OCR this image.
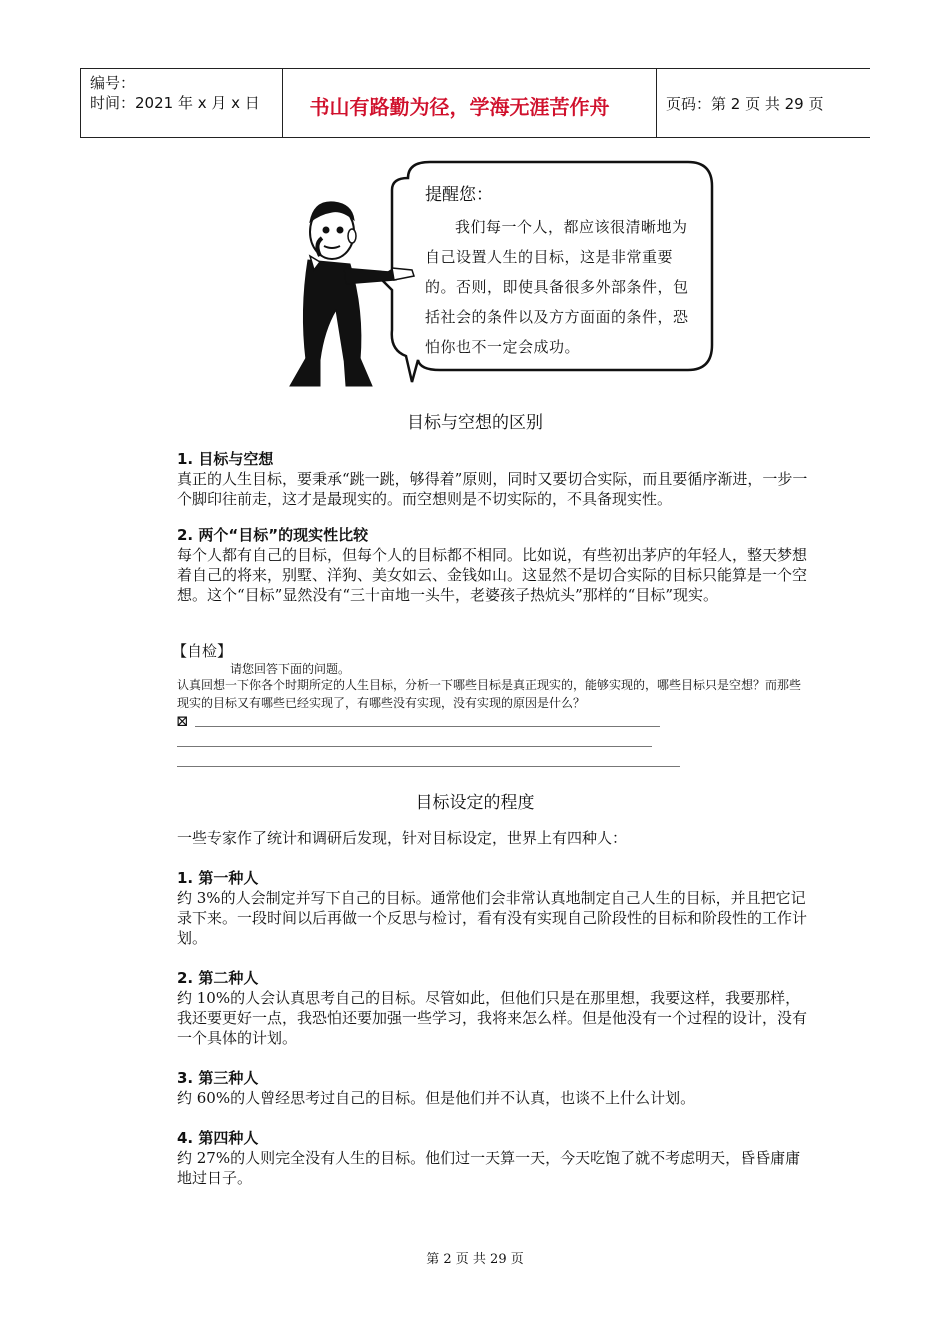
编号：
时间：2021 年 x 月 x 日	书山有路勤为径，学海无涯苦作舟	页码：第 2 页 共 29 页
提醒您：
我们每一个人，都应该很清晰地为自己设置人生的目标，这是非常重要的。否则，即使具备很多外部条件，包括社会的条件以及方方面面的条件，恐怕你也不一定会成功。
目标与空想的区别
1. 目标与空想
真正的人生目标，要秉承“跳一跳，够得着”原则，同时又要切合实际，而且要循序渐进，一步一个脚印往前走，这才是最现实的。而空想则是不切实际的，不具备现实性。
2. 两个“目标”的现实性比较
每个人都有自己的目标，但每个人的目标都不相同。比如说，有些初出茅庐的年轻人，整天梦想着自己的将来，别墅、洋狗、美女如云、金钱如山。这显然不是切合实际的目标只能算是一个空想。这个“目标”显然没有“三十亩地一头牛，老婆孩子热炕头”那样的“目标”现实。
【自检】
请您回答下面的问题。
认真回想一下你各个时期所定的人生目标，分析一下哪些目标是真正现实的，能够实现的，哪些目标只是空想？而那些现实的目标又有哪些已经实现了，有哪些没有实现，没有实现的原因是什么？
⊠
目标设定的程度
一些专家作了统计和调研后发现，针对目标设定，世界上有四种人：
1. 第一种人
约 3%的人会制定并写下自己的目标。通常他们会非常认真地制定自己人生的目标，并且把它记录下来。一段时间以后再做一个反思与检讨，看有没有实现自己阶段性的目标和阶段性的工作计划。
2. 第二种人
约 10%的人会认真思考自己的目标。尽管如此，但他们只是在那里想，我要这样，我要那样，我还要更好一点，我恐怕还要加强一些学习，我将来怎么样。但是他没有一个过程的设计，没有一个具体的计划。
3. 第三种人
约 60%的人曾经思考过自己的目标。但是他们并不认真，也谈不上什么计划。
4. 第四种人
约 27%的人则完全没有人生的目标。他们过一天算一天，今天吃饱了就不考虑明天，昏昏庸庸地过日子。
第 2 页 共 29 页
